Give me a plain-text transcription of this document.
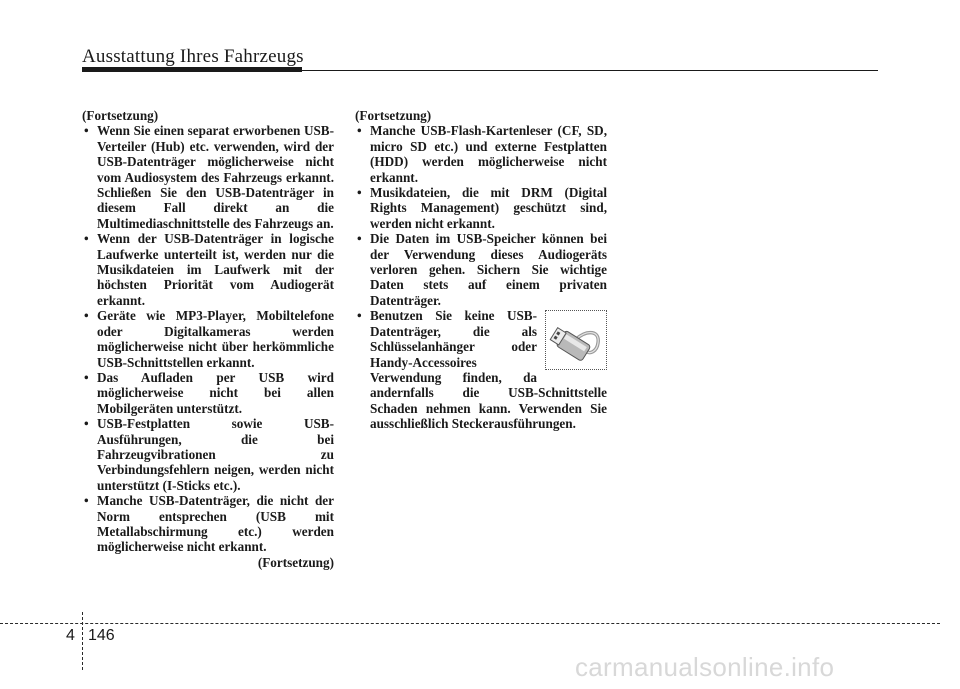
Ausstattung Ihres Fahrzeugs

(Fortsetzung)

• Wenn Sie einen separat erworbenen USB-Verteiler (Hub) etc. verwenden, wird der USB-Datenträger möglicherweise nicht vom Audiosystem des Fahrzeugs erkannt. Schließen Sie den USB-Datenträger in diesem Fall direkt an die Multimediaschnittstelle des Fahrzeugs an.
• Wenn der USB-Datenträger in logische Laufwerke unterteilt ist, werden nur die Musikdateien im Laufwerk mit der höchsten Priorität vom Audiogerät erkannt.
• Geräte wie MP3-Player, Mobiltelefone oder Digitalkameras werden möglicherweise nicht über herkömmliche USB-Schnittstellen erkannt.
• Das Aufladen per USB wird möglicherweise nicht bei allen Mobilgeräten unterstützt.
• USB-Festplatten sowie USB-Ausführungen, die bei Fahrzeugvibrationen zu Verbindungsfehlern neigen, werden nicht unterstützt (I-Sticks etc.).
• Manche USB-Datenträger, die nicht der Norm entsprechen (USB mit Metallabschirmung etc.) werden möglicherweise nicht erkannt.

(Fortsetzung)

(Fortsetzung)

• Manche USB-Flash-Kartenleser (CF, SD, micro SD etc.) und externe Festplatten (HDD) werden möglicherweise nicht erkannt.
• Musikdateien, die mit DRM (Digital Rights Management) geschützt sind, werden nicht erkannt.
• Die Daten im USB-Speicher können bei der Verwendung dieses Audiogeräts verloren gehen. Sichern Sie wichtige Daten stets auf einem privaten Datenträger.
• Benutzen Sie keine USB-Datenträger, die als Schlüsselanhänger oder Handy-Accessoires Verwendung finden, da andernfalls die USB-Schnittstelle Schaden nehmen kann. Verwenden Sie ausschließlich Steckerausführungen.
4 146
carmanualsonline.info
